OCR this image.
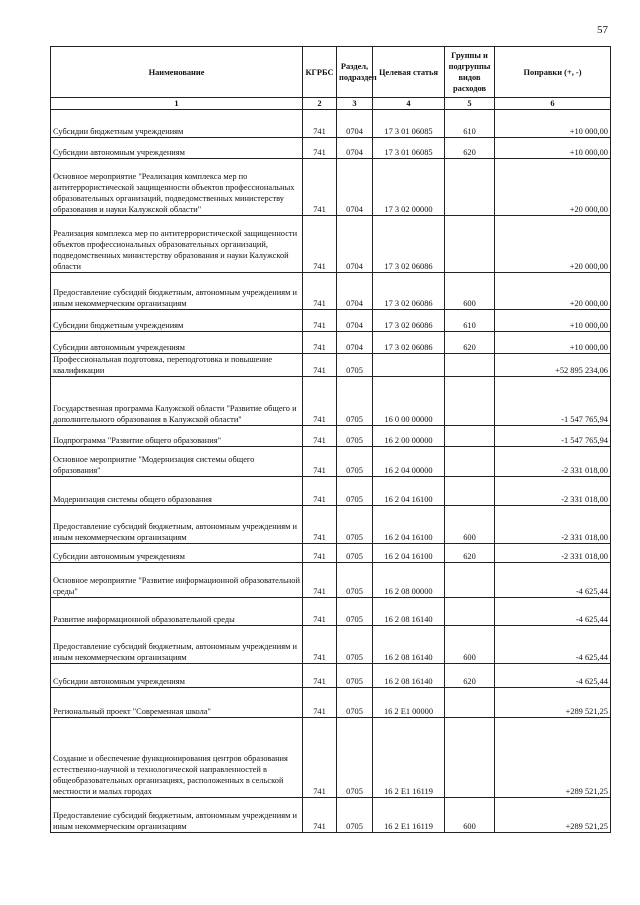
57
Наименование	КГРБС	Раздел, подраздел	Целевая статья	Группы и подгруппы видов расходов	Поправки (+, -)
1	2	3	4	5	6
Субсидии бюджетным учреждениям	741	0704	17 3 01 06085	610	+10 000,00
Субсидии автономным учреждениям	741	0704	17 3 01 06085	620	+10 000,00
Основное мероприятие "Реализация комплекса мер по антитеррористической защищенности объектов профессиональных образовательных организаций, подведомственных министерству образования и науки Калужской области"	741	0704	17 3 02 00000		+20 000,00
Реализация комплекса мер по антитеррористической защищенности объектов профессиональных образовательных организаций, подведомственных министерству образования и науки Калужской области	741	0704	17 3 02 06086		+20 000,00
Предоставление субсидий бюджетным, автономным учреждениям и иным некоммерческим организациям	741	0704	17 3 02 06086	600	+20 000,00
Субсидии бюджетным учреждениям	741	0704	17 3 02 06086	610	+10 000,00
Субсидии автономным учреждениям	741	0704	17 3 02 06086	620	+10 000,00
Профессиональная подготовка, переподготовка и повышение квалификации	741	0705			+52 895 234,06
Государственная программа Калужской области "Развитие общего и дополнительного образования в Калужской области"	741	0705	16 0 00 00000		-1 547 765,94
Подпрограмма "Развитие общего образования"	741	0705	16 2 00 00000		-1 547 765,94
Основное мероприятие "Модернизация системы общего образования"	741	0705	16 2 04 00000		-2 331 018,00
Модернизация системы общего образования	741	0705	16 2 04 16100		-2 331 018,00
Предоставление субсидий бюджетным, автономным учреждениям и иным некоммерческим организациям	741	0705	16 2 04 16100	600	-2 331 018,00
Субсидии автономным учреждениям	741	0705	16 2 04 16100	620	-2 331 018,00
Основное мероприятие "Развитие информационной образовательной среды"	741	0705	16 2 08 00000		-4 625,44
Развитие информационной образовательной среды	741	0705	16 2 08 16140		-4 625,44
Предоставление субсидий бюджетным, автономным учреждениям и иным некоммерческим организациям	741	0705	16 2 08 16140	600	-4 625,44
Субсидии автономным учреждениям	741	0705	16 2 08 16140	620	-4 625,44
Региональный проект "Современная школа"	741	0705	16 2 E1 00000		+289 521,25
Создание и обеспечение функционирования центров образования естественно-научной и технологической направленностей в общеобразовательных организациях, расположенных в сельской местности и малых городах	741	0705	16 2 E1 16119		+289 521,25
Предоставление субсидий бюджетным, автономным учреждениям и иным некоммерческим организациям	741	0705	16 2 E1 16119	600	+289 521,25
